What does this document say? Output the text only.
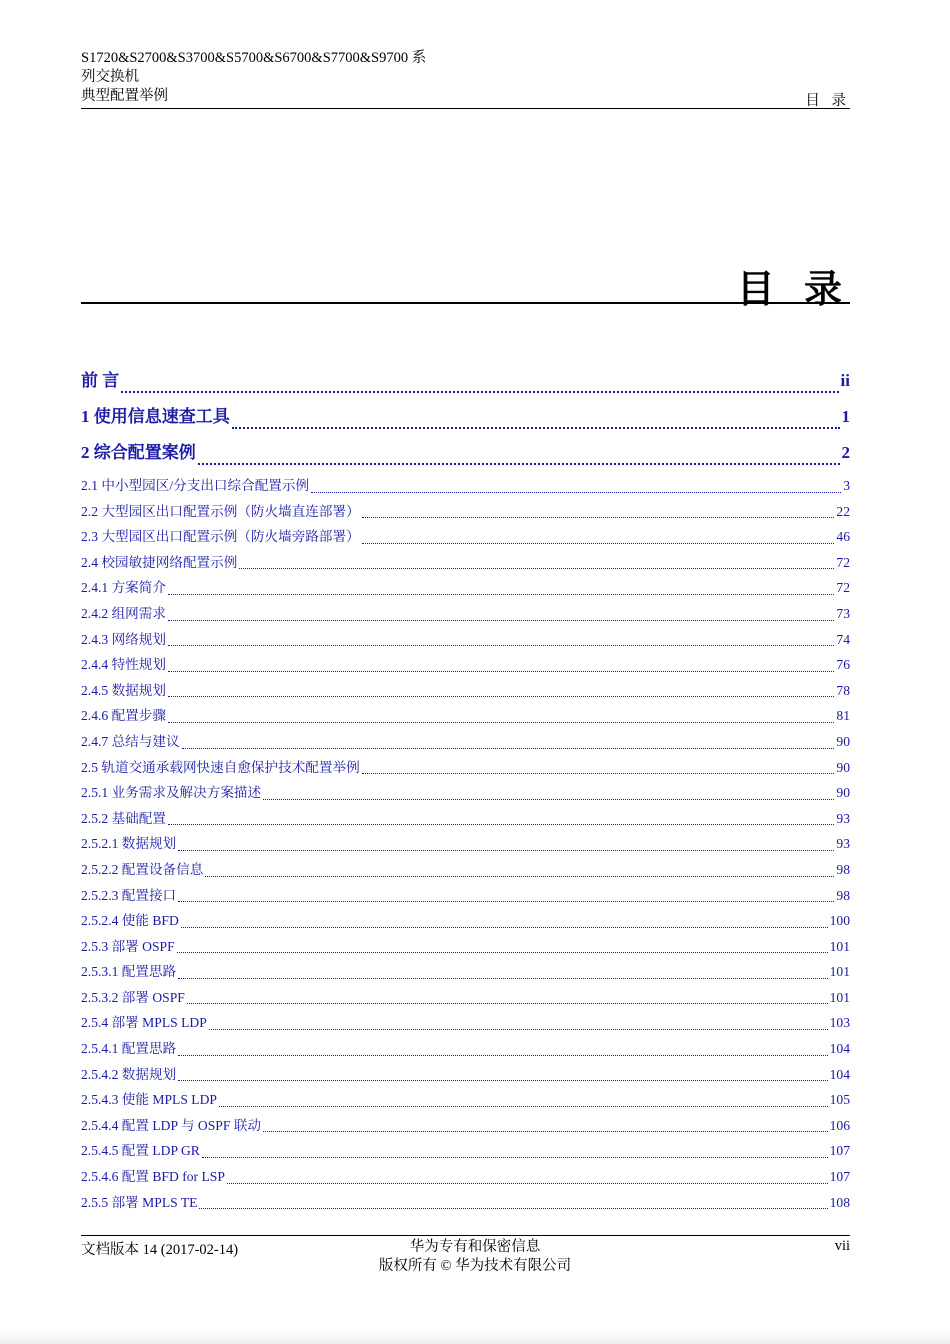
S1720&S2700&S3700&S5700&S6700&S7700&S9700 系
列交换机
典型配置举例	目 录
目 录
前 言	ii
1 使用信息速查工具	1
2 综合配置案例	2
2.1 中小型园区/分支出口综合配置示例	3
2.2 大型园区出口配置示例（防火墙直连部署）	22
2.3 大型园区出口配置示例（防火墙旁路部署）	46
2.4 校园敏捷网络配置示例	72
2.4.1 方案简介	72
2.4.2 组网需求	73
2.4.3 网络规划	74
2.4.4 特性规划	76
2.4.5 数据规划	78
2.4.6 配置步骤	81
2.4.7 总结与建议	90
2.5 轨道交通承载网快速自愈保护技术配置举例	90
2.5.1 业务需求及解决方案描述	90
2.5.2 基础配置	93
2.5.2.1 数据规划	93
2.5.2.2 配置设备信息	98
2.5.2.3 配置接口	98
2.5.2.4 使能 BFD	100
2.5.3 部署 OSPF	101
2.5.3.1 配置思路	101
2.5.3.2 部署 OSPF	101
2.5.4 部署 MPLS LDP	103
2.5.4.1 配置思路	104
2.5.4.2 数据规划	104
2.5.4.3 使能 MPLS LDP	105
2.5.4.4 配置 LDP 与 OSPF 联动	106
2.5.4.5 配置 LDP GR	107
2.5.4.6 配置 BFD for LSP	107
2.5.5 部署 MPLS TE	108
文档版本 14 (2017-02-14)	华为专有和保密信息
版权所有 © 华为技术有限公司
vii
